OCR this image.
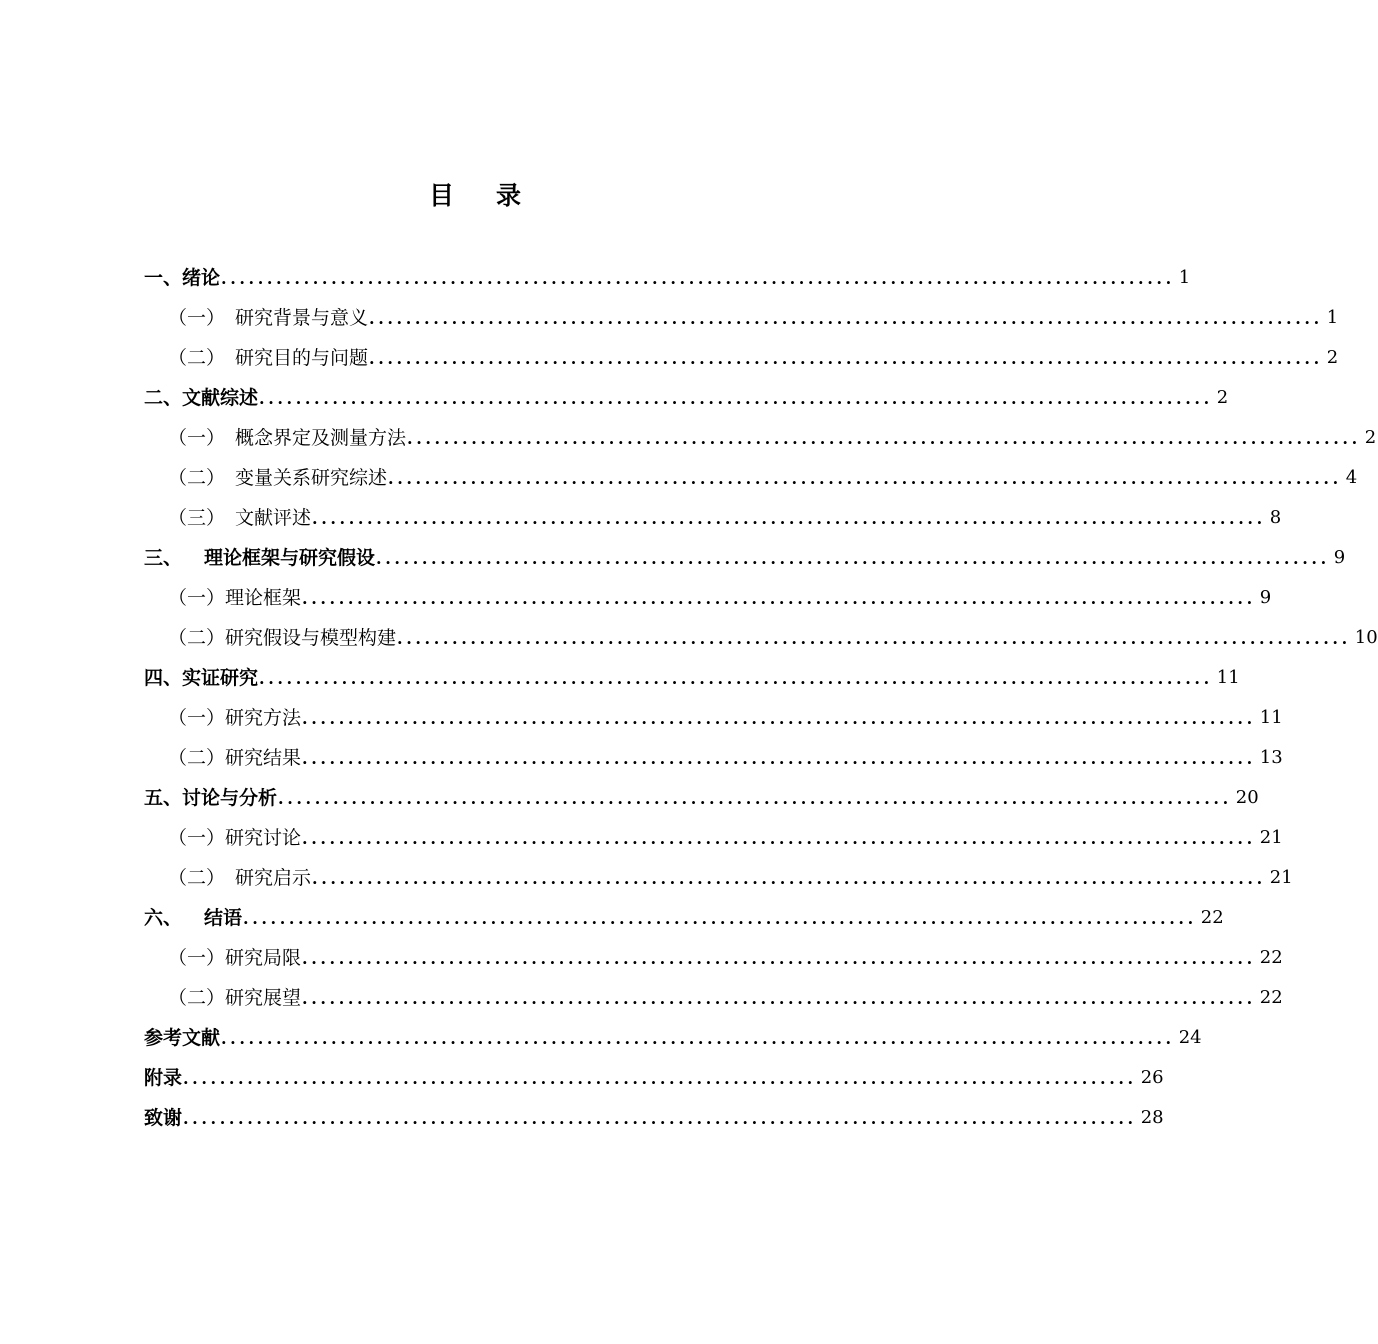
目 录
一、绪论 ........................................................................................................ 1
（一） 研究背景与意义 ........................................................................................................ 1
（二） 研究目的与问题 ........................................................................................................ 2
二、文献综述 ........................................................................................................ 2
（一） 概念界定及测量方法 ........................................................................................................ 2
（二） 变量关系研究综述 ........................................................................................................ 4
（三） 文献评述 ........................................................................................................ 8
三、 理论框架与研究假设 ........................................................................................................ 9
（一）理论框架 ........................................................................................................ 9
（二）研究假设与模型构建 ........................................................................................................ 10
四、实证研究 ........................................................................................................ 11
（一）研究方法 ........................................................................................................ 11
（二）研究结果 ........................................................................................................ 13
五、讨论与分析 ........................................................................................................ 20
（一）研究讨论 ........................................................................................................ 21
（二） 研究启示 ........................................................................................................ 21
六、 结语 ........................................................................................................ 22
（一）研究局限 ........................................................................................................ 22
（二）研究展望 ........................................................................................................ 22
参考文献 ........................................................................................................ 24
附录 ........................................................................................................ 26
致谢 ........................................................................................................ 28
